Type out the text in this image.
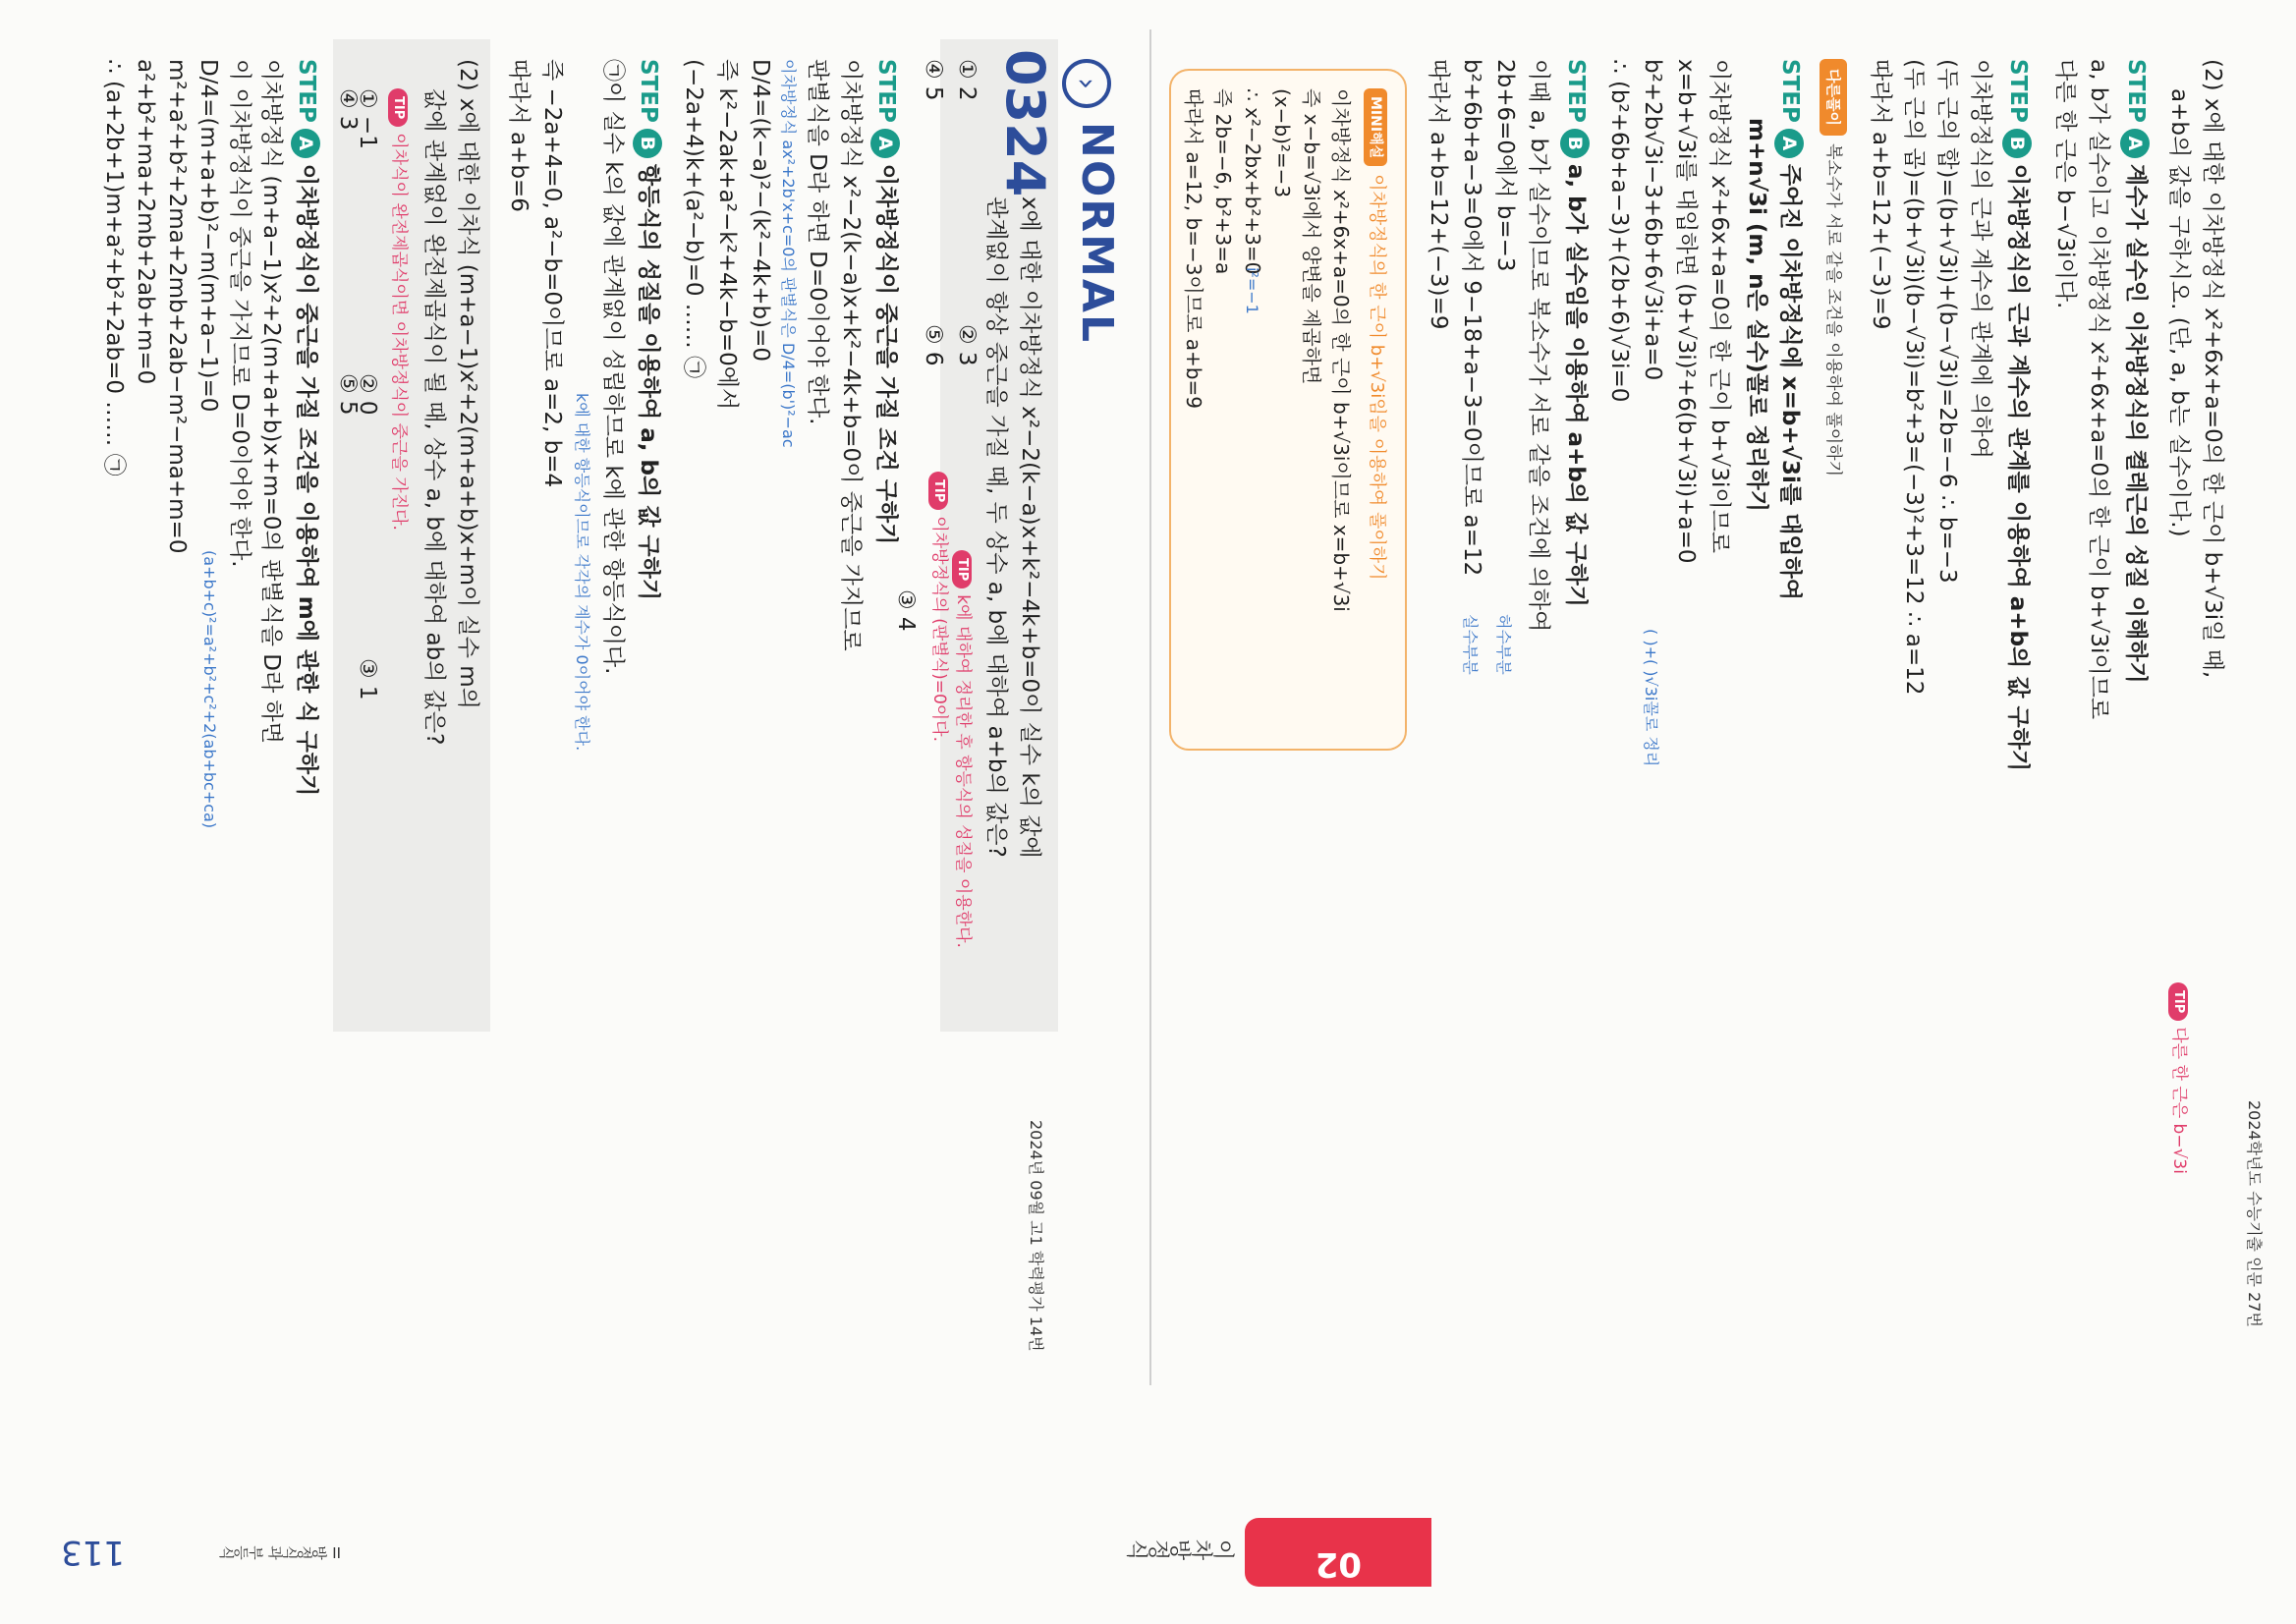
2024학년도 수능기출 인문 27번
(2) x에 대한 이차방정식 x²+6x+a=0의 한 근이 b+√3i일 때,
a+b의 값을 구하시오. (단, a, b는 실수이다.)
TIP다른 한 근은 b−√3i
STEPA계수가 실수인 이차방정식의 켤레근의 성질 이해하기
a, b가 실수이고 이차방정식 x²+6x+a=0의 한 근이 b+√3i이므로
다른 한 근은 b−√3i이다.
STEPB이차방정식의 근과 계수의 관계를 이용하여 a+b의 값 구하기
이차방정식의 근과 계수의 관계에 의하여
(두 근의 합)=(b+√3i)+(b−√3i)=2b=−6 ∴ b=−3
(두 근의 곱)=(b+√3i)(b−√3i)=b²+3=(−3)²+3=12 ∴ a=12
따라서 a+b=12+(−3)=9
다른풀이복소수가 서로 같을 조건을 이용하여 풀이하기
STEPA주어진 이차방정식에 x=b+√3i를 대입하여
m+n√3i (m, n은 실수)꼴로 정리하기
이차방정식 x²+6x+a=0의 한 근이 b+√3i이므로
x=b+√3i를 대입하면 (b+√3i)²+6(b+√3i)+a=0
b²+2b√3i−3+6b+6√3i+a=0
∴ (b²+6b+a−3)+(2b+6)√3i=0
( )+( )√3i꼴로 정리
STEPBa, b가 실수임을 이용하여 a+b의 값 구하기
이때 a, b가 실수이므로 복소수가 서로 같을 조건에 의하여
2b+6=0에서 b=−3
b²+6b+a−3=0에서 9−18+a−3=0이므로 a=12
따라서 a+b=12+(−3)=9
허수부분
실수부분
MINI해설이차방정식의 한 근이 b+√3i임을 이용하여 풀이하기
이차방정식 x²+6x+a=0의 한 근이 b+√3i이므로 x=b+√3i
즉 x−b=√3i에서 양변을 제곱하면
(x−b)²=−3
∴ x²−2bx+b²+3=0
i²=−1
즉 2b=−6, b²+3=a
따라서 a=12, b=−3이므로 a+b=9
02
이차방정식
›NORMAL
0324
2024년 09월 고1 학력평가 14번
x에 대한 이차방정식 x²−2(k−a)x+k²−4k+b=0이 실수 k의 값에
관계없이 항상 중근을 가질 때, 두 상수 a, b에 대하여 a+b의 값은?
TIPk에 대하여 정리한 후 항등식의 성질을 이용한다.
TIP이차방정식의 (판별식)=0이다.
① 2
② 3
③ 4
④ 5
⑤ 6
STEPA이차방정식이 중근을 가질 조건 구하기
이차방정식 x²−2(k−a)x+k²−4k+b=0이 중근을 가지므로
판별식을 D라 하면 D=0이어야 한다.
이차방정식 ax²+2b'x+c=0의 판별식은 D/4=(b')²−ac
D/4=(k−a)²−(k²−4k+b)=0
즉 k²−2ak+a²−k²+4k−b=0에서
(−2a+4)k+(a²−b)=0 …… ㉠
STEPB항등식의 성질을 이용하여 a, b의 값 구하기
㉠이 실수 k의 값에 관계없이 성립하므로 k에 관한 항등식이다.
k에 대한 항등식이므로 각각의 계수가 0이어야 한다.
즉 −2a+4=0, a²−b=0이므로 a=2, b=4
따라서 a+b=6
(2) x에 대한 이차식 (m+a−1)x²+2(m+a+b)x+m이 실수 m의
값에 관계없이 완전제곱식이 될 때, 상수 a, b에 대하여 ab의 값은?
TIP이차식이 완전제곱식이면 이차방정식이 중근을 가진다.
① −1
② 0
③ 1
④ 3
⑤ 5
STEPA이차방정식이 중근을 가질 조건을 이용하여 m에 관한 식 구하기
이차방정식 (m+a−1)x²+2(m+a+b)x+m=0의 판별식을 D라 하면
이 이차방정식이 중근을 가지므로 D=0이어야 한다.
D/4=(m+a+b)²−m(m+a−1)=0
(a+b+c)²=a²+b²+c²+2(ab+bc+ca)
m²+a²+b²+2ma+2mb+2ab−m²−ma+m=0
a²+b²+ma+2mb+2ab+m=0
∴ (a+2b+1)m+a²+b²+2ab=0 …… ㉠
II 방정식과 부등식
113
